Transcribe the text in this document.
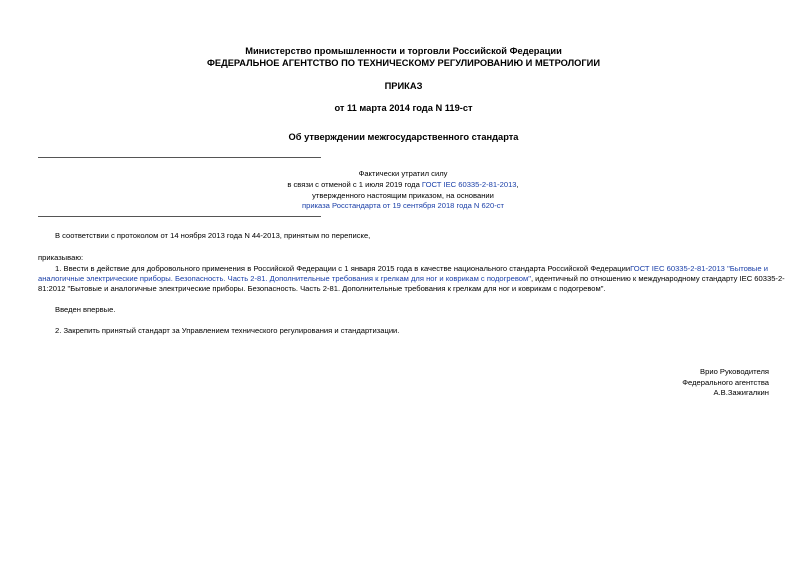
Министерство промышленности и торговли Российской Федерации
ФЕДЕРАЛЬНОЕ АГЕНТСТВО ПО ТЕХНИЧЕСКОМУ РЕГУЛИРОВАНИЮ И МЕТРОЛОГИИ
ПРИКАЗ
от 11 марта 2014 года N 119-ст
Об утверждении межгосударственного стандарта
Фактически утратил силу
в связи с отменой с 1 июля 2019 года ГОСТ IEC 60335-2-81-2013,
утвержденного настоящим приказом, на основании
приказа Росстандарта от 19 сентября 2018 года N 620-ст
В соответствии с протоколом от 14 ноября 2013 года N 44-2013, принятым по переписке,
приказываю:
1. Ввести в действие для добровольного применения в Российской Федерации с 1 января 2015 года в качестве национального стандарта Российской ФедерацииГОСТ IEC 60335-2-81-2013 "Бытовые и
аналогичные электрические приборы. Безопасность. Часть 2-81. Дополнительные требования к грелкам для ног и коврикам с подогревом", идентичный по отношению к международному стандарту IEC 60335-2-
81:2012 "Бытовые и аналогичные электрические приборы. Безопасность. Часть 2-81. Дополнительные требования к грелкам для ног и коврикам с подогревом".
Введен впервые.
2. Закрепить принятый стандарт за Управлением технического регулирования и стандартизации.
Врио Руководителя
Федерального агентства
А.В.Зажигалкин
